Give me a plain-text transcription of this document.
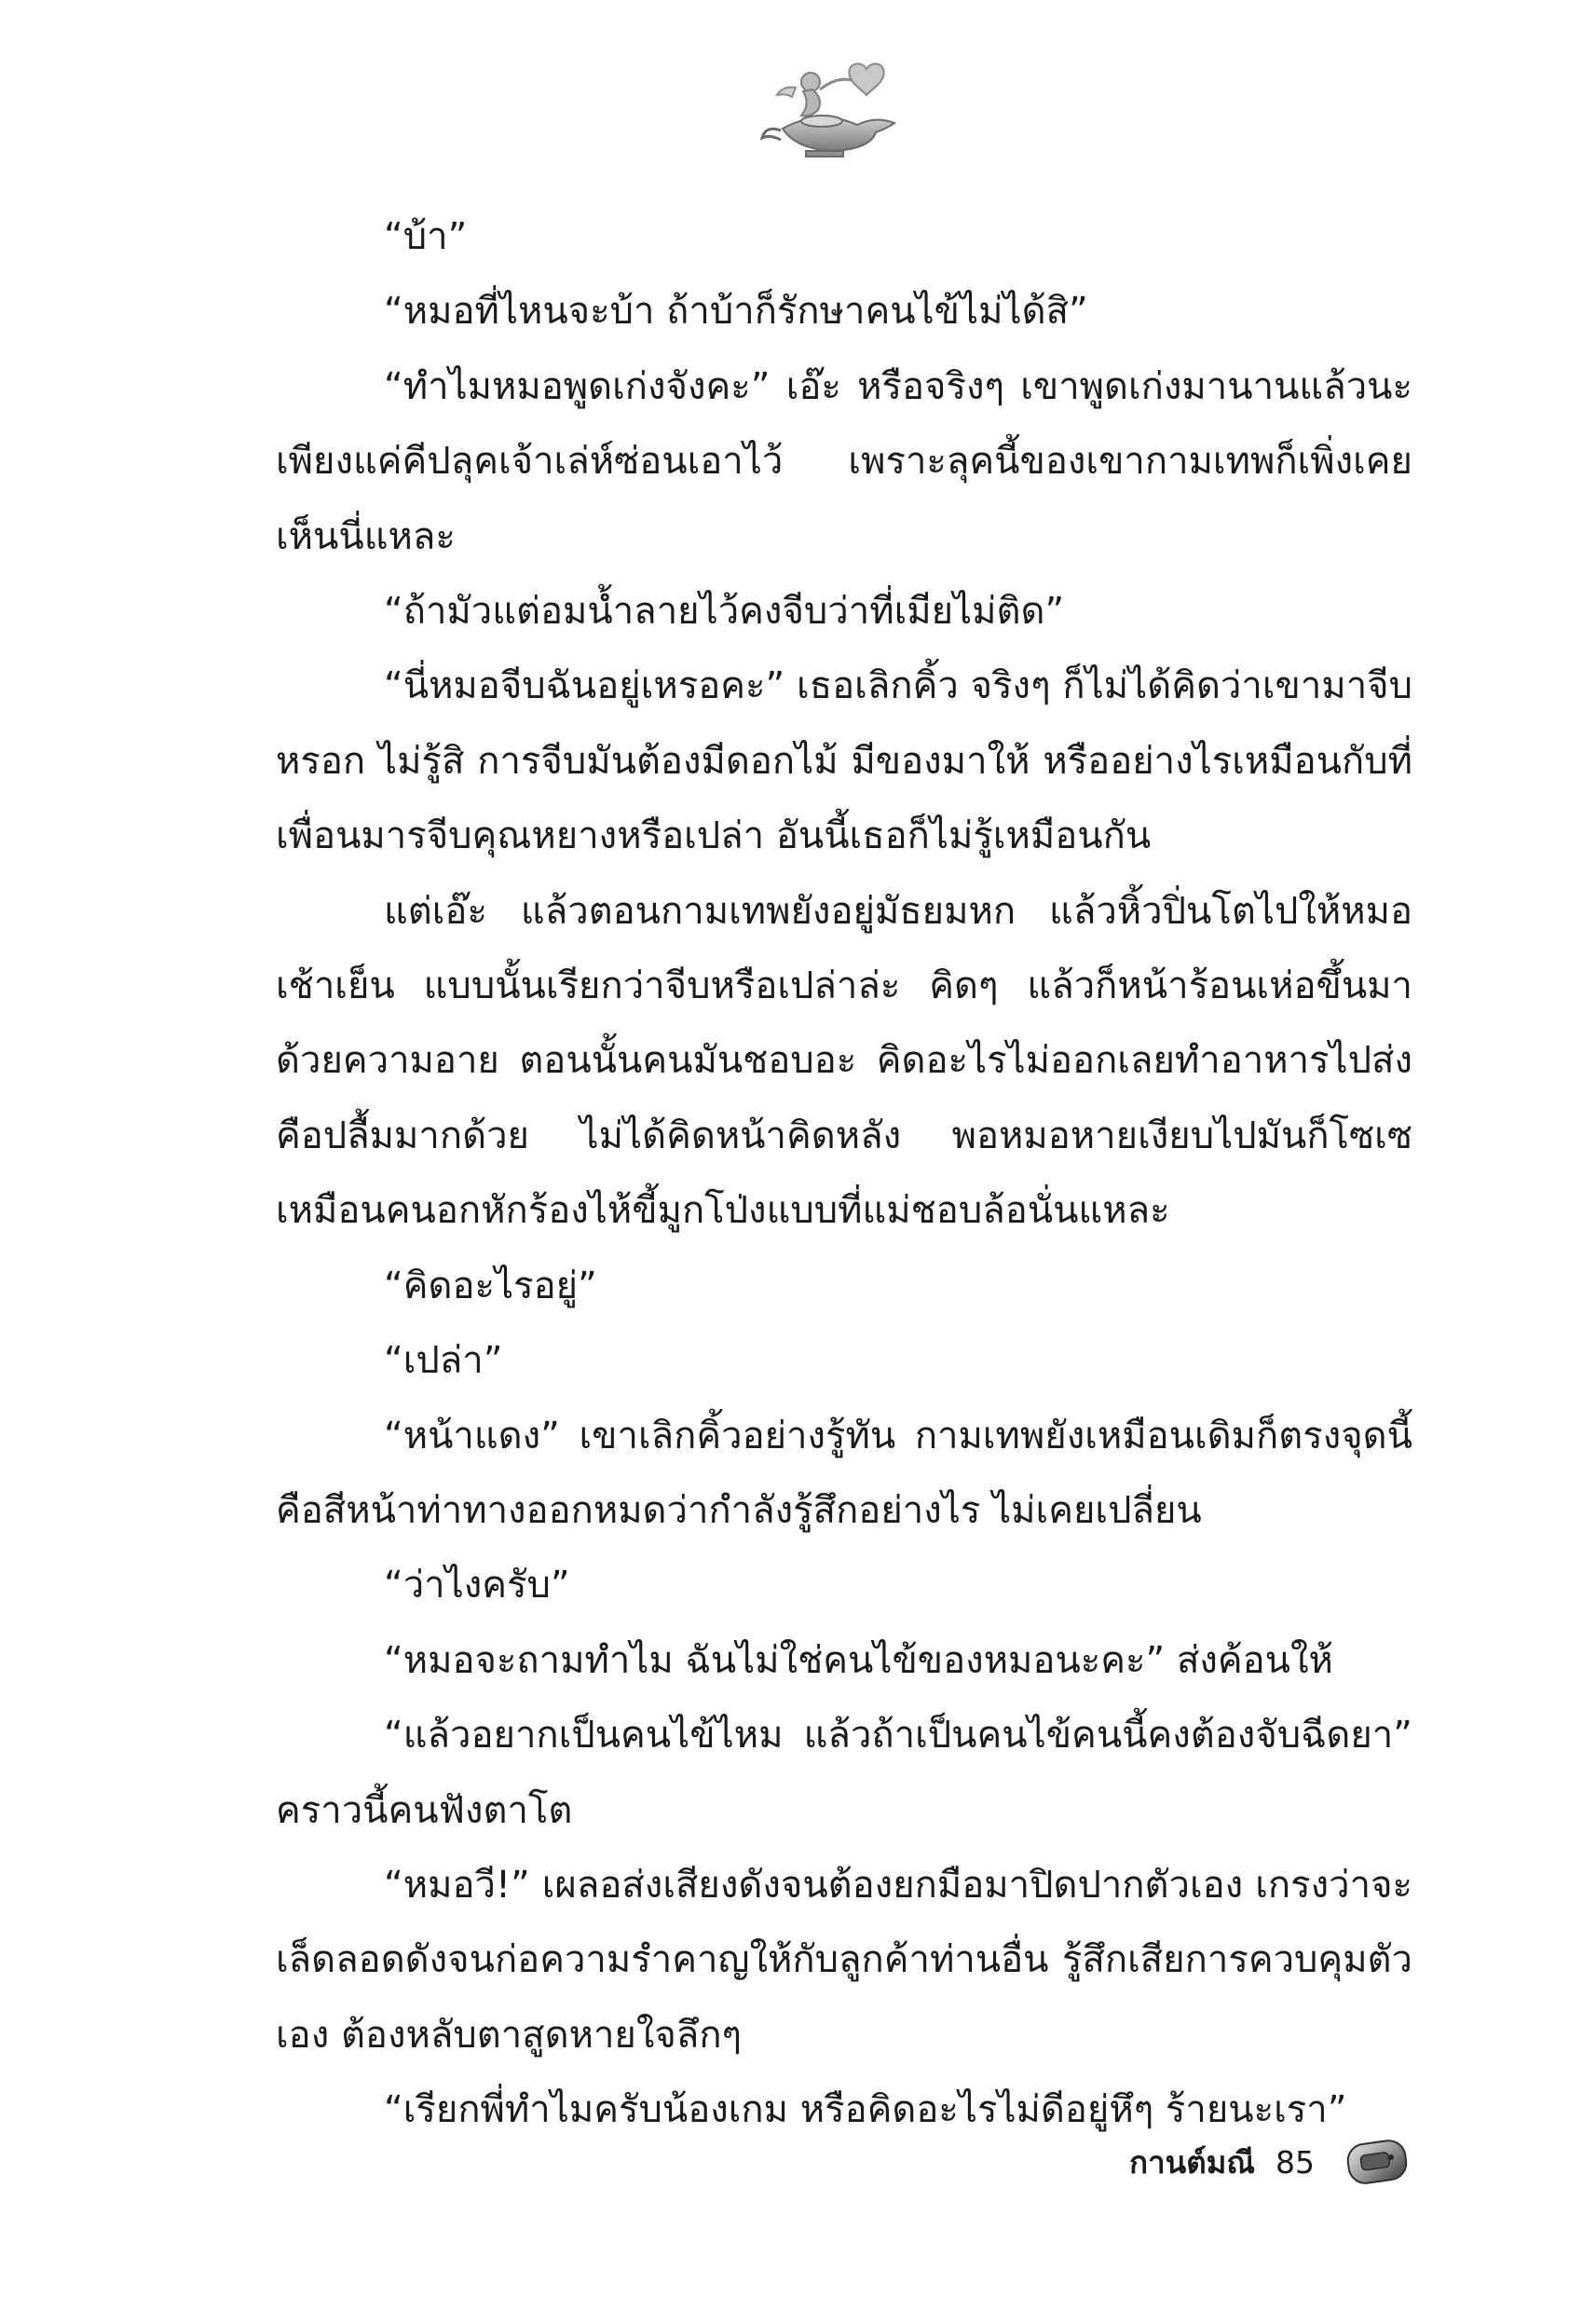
“บ้า”

“หมอที่ไหนจะบ้า ถ้าบ้าก็รักษาคนไข้ไม่ได้สิ”

“ทำไมหมอพูดเก่งจังคะ” เอ๊ะ หรือจริงๆ เขาพูดเก่งมานานแล้วนะ เพียงแค่คีปลุคเจ้าเล่ห์ซ่อนเอาไว้ เพราะลุคนี้ของเขากามเทพก็เพิ่งเคยเห็นนี่แหละ

“ถ้ามัวแต่อมน้ำลายไว้คงจีบว่าที่เมียไม่ติด”

“นี่หมอจีบฉันอยู่เหรอคะ” เธอเลิกคิ้ว จริงๆ ก็ไม่ได้คิดว่าเขามาจีบหรอก ไม่รู้สิ การจีบมันต้องมีดอกไม้ มีของมาให้ หรืออย่างไรเหมือนกับที่เพื่อนมารจีบคุณหยางหรือเปล่า อันนี้เธอก็ไม่รู้เหมือนกัน

แต่เอ๊ะ แล้วตอนกามเทพยังอยู่มัธยมหก แล้วหิ้วปิ่นโตไปให้หมอเช้าเย็น แบบนั้นเรียกว่าจีบหรือเปล่าล่ะ คิดๆ แล้วก็หน้าร้อนเห่อขึ้นมาด้วยความอาย ตอนนั้นคนมันชอบอะ คิดอะไรไม่ออกเลยทำอาหารไปส่ง คือปลื้มมากด้วย ไม่ได้คิดหน้าคิดหลัง พอหมอหายเงียบไปมันก็โซเซเหมือนคนอกหักร้องไห้ขี้มูกโป่งแบบที่แม่ชอบล้อนั่นแหละ

“คิดอะไรอยู่”

“เปล่า”

“หน้าแดง” เขาเลิกคิ้วอย่างรู้ทัน กามเทพยังเหมือนเดิมก็ตรงจุดนี้ คือสีหน้าท่าทางออกหมดว่ากำลังรู้สึกอย่างไร ไม่เคยเปลี่ยน

“ว่าไงครับ”

“หมอจะถามทำไม ฉันไม่ใช่คนไข้ของหมอนะคะ” ส่งค้อนให้

“แล้วอยากเป็นคนไข้ไหม แล้วถ้าเป็นคนไข้คนนี้คงต้องจับฉีดยา” คราวนี้คนฟังตาโต

“หมอวี!” เผลอส่งเสียงดังจนต้องยกมือมาปิดปากตัวเอง เกรงว่าจะเล็ดลอดดังจนก่อความรำคาญให้กับลูกค้าท่านอื่น รู้สึกเสียการควบคุมตัวเอง ต้องหลับตาสูดหายใจลึกๆ

“เรียกพี่ทำไมครับน้องเกม หรือคิดอะไรไม่ดีอยู่หึๆ ร้ายนะเรา”

กานต์มณี 85
